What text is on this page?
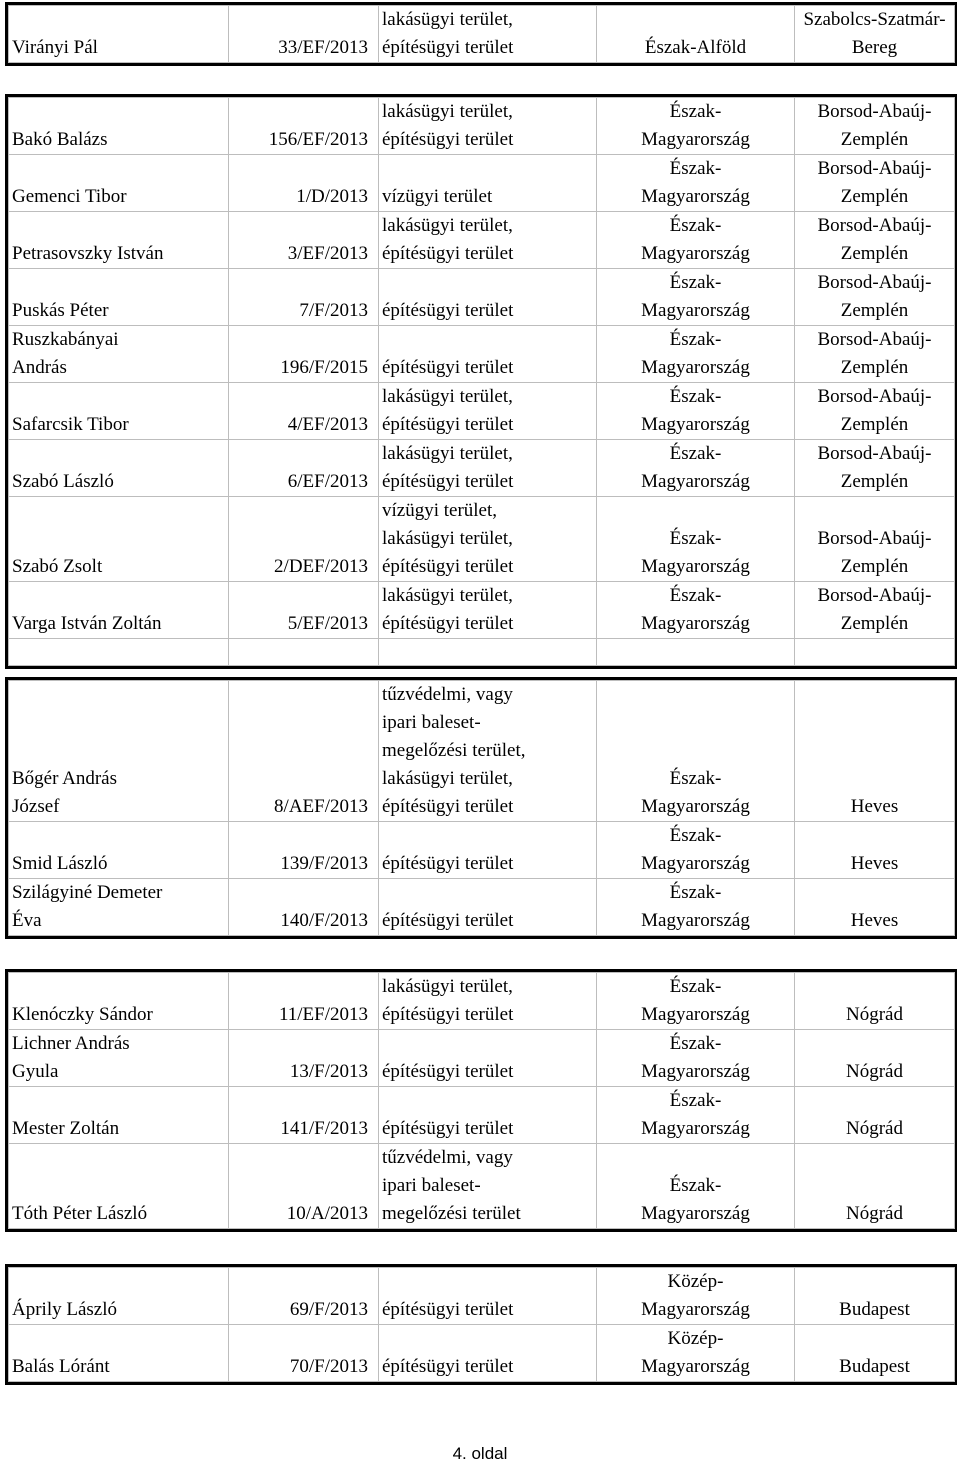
Virányi Pál	33/EF/2013	lakásügyi terület,
építésügyi terület	Észak-Alföld	Szabolcs-Szatmár-
Bereg
Bakó Balázs	156/EF/2013	lakásügyi terület,
építésügyi terület	Észak-
Magyarország	Borsod-Abaúj-
Zemplén
Gemenci Tibor	1/D/2013	vízügyi terület	Észak-
Magyarország	Borsod-Abaúj-
Zemplén
Petrasovszky István	3/EF/2013	lakásügyi terület,
építésügyi terület	Észak-
Magyarország	Borsod-Abaúj-
Zemplén
Puskás Péter	7/F/2013	építésügyi terület	Észak-
Magyarország	Borsod-Abaúj-
Zemplén
Ruszkabányai
András	196/F/2015	építésügyi terület	Észak-
Magyarország	Borsod-Abaúj-
Zemplén
Safarcsik Tibor	4/EF/2013	lakásügyi terület,
építésügyi terület	Észak-
Magyarország	Borsod-Abaúj-
Zemplén
Szabó László	6/EF/2013	lakásügyi terület,
építésügyi terület	Észak-
Magyarország	Borsod-Abaúj-
Zemplén
Szabó Zsolt	2/DEF/2013	vízügyi terület,
lakásügyi terület,
építésügyi terület	Észak-
Magyarország	Borsod-Abaúj-
Zemplén
Varga István Zoltán	5/EF/2013	lakásügyi terület,
építésügyi terület	Észak-
Magyarország	Borsod-Abaúj-
Zemplén

Bőgér András
József	8/AEF/2013	tűzvédelmi, vagy
ipari baleset-
megelőzési terület,
lakásügyi terület,
építésügyi terület	Észak-
Magyarország	Heves
Smid László	139/F/2013	építésügyi terület	Észak-
Magyarország	Heves
Szilágyiné Demeter
Éva	140/F/2013	építésügyi terület	Észak-
Magyarország	Heves
Klenóczky Sándor	11/EF/2013	lakásügyi terület,
építésügyi terület	Észak-
Magyarország	Nógrád
Lichner András
Gyula	13/F/2013	építésügyi terület	Észak-
Magyarország	Nógrád
Mester Zoltán	141/F/2013	építésügyi terület	Észak-
Magyarország	Nógrád
Tóth Péter László	10/A/2013	tűzvédelmi, vagy
ipari baleset-
megelőzési terület	Észak-
Magyarország	Nógrád
Áprily László	69/F/2013	építésügyi terület	Közép-
Magyarország	Budapest
Balás Lóránt	70/F/2013	építésügyi terület	Közép-
Magyarország	Budapest
4. oldal
